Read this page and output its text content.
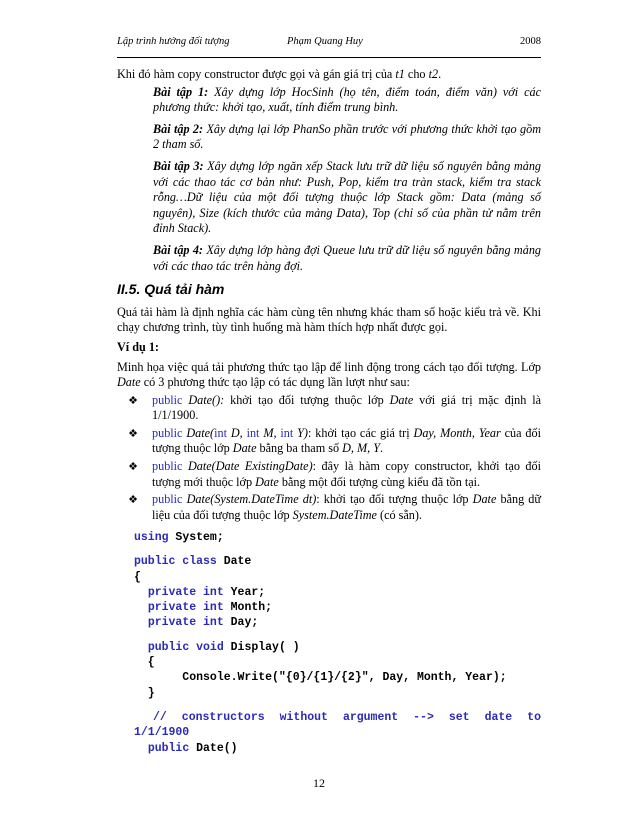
Lập trình hướng đối tượng	Phạm Quang Huy	2008

Khi đó hàm copy constructor được gọi và gán giá trị của t1 cho t2.

Bài tập 1: Xây dựng lớp HocSinh (họ tên, điểm toán, điểm văn) với các phương thức: khởi tạo, xuất, tính điểm trung bình.

Bài tập 2: Xây dựng lại lớp PhanSo phần trước với phương thức khởi tạo gồm 2 tham số.

Bài tập 3: Xây dựng lớp ngăn xếp Stack lưu trữ dữ liệu số nguyên bằng mảng với các thao tác cơ bản như: Push, Pop, kiểm tra tràn stack, kiểm tra stack rỗng…Dữ liệu của một đối tượng thuộc lớp Stack gồm: Data (mảng số nguyên), Size (kích thước của mảng Data), Top (chỉ số của phần tử nằm trên đỉnh Stack).

Bài tập 4: Xây dựng lớp hàng đợi Queue lưu trữ dữ liệu số nguyên bằng mảng với các thao tác trên hàng đợi.

II.5. Quá tải hàm

Quá tải hàm là định nghĩa các hàm cùng tên nhưng khác tham số hoặc kiểu trả về. Khi chạy chương trình, tùy tình huống mà hàm thích hợp nhất được gọi.

Ví dụ 1:

Minh họa việc quá tải phương thức tạo lập để linh động trong cách tạo đối tượng. Lớp Date có 3 phương thức tạo lập có tác dụng lần lượt như sau:

❖ public Date(): khởi tạo đối tượng thuộc lớp Date với giá trị mặc định là 1/1/1900.
❖ public Date(int D, int M, int Y): khởi tạo các giá trị Day, Month, Year của đối tượng thuộc lớp Date bằng ba tham số D, M, Y.
❖ public Date(Date ExistingDate): đây là hàm copy constructor, khởi tạo đối tượng mới thuộc lớp Date bằng một đối tượng cùng kiểu đã tồn tại.
❖ public Date(System.DateTime dt): khởi tạo đối tượng thuộc lớp Date bằng dữ liệu của đối tượng thuộc lớp System.DateTime (có sẵn).
using System;
public class Date
{
private int Year;
private int Month;
private int Day;
public void Display( )
{
Console.Write("{0}/{1}/{2}", Day, Month, Year);
}
// constructors without argument --> set date to
1/1/1900
public Date()
12
